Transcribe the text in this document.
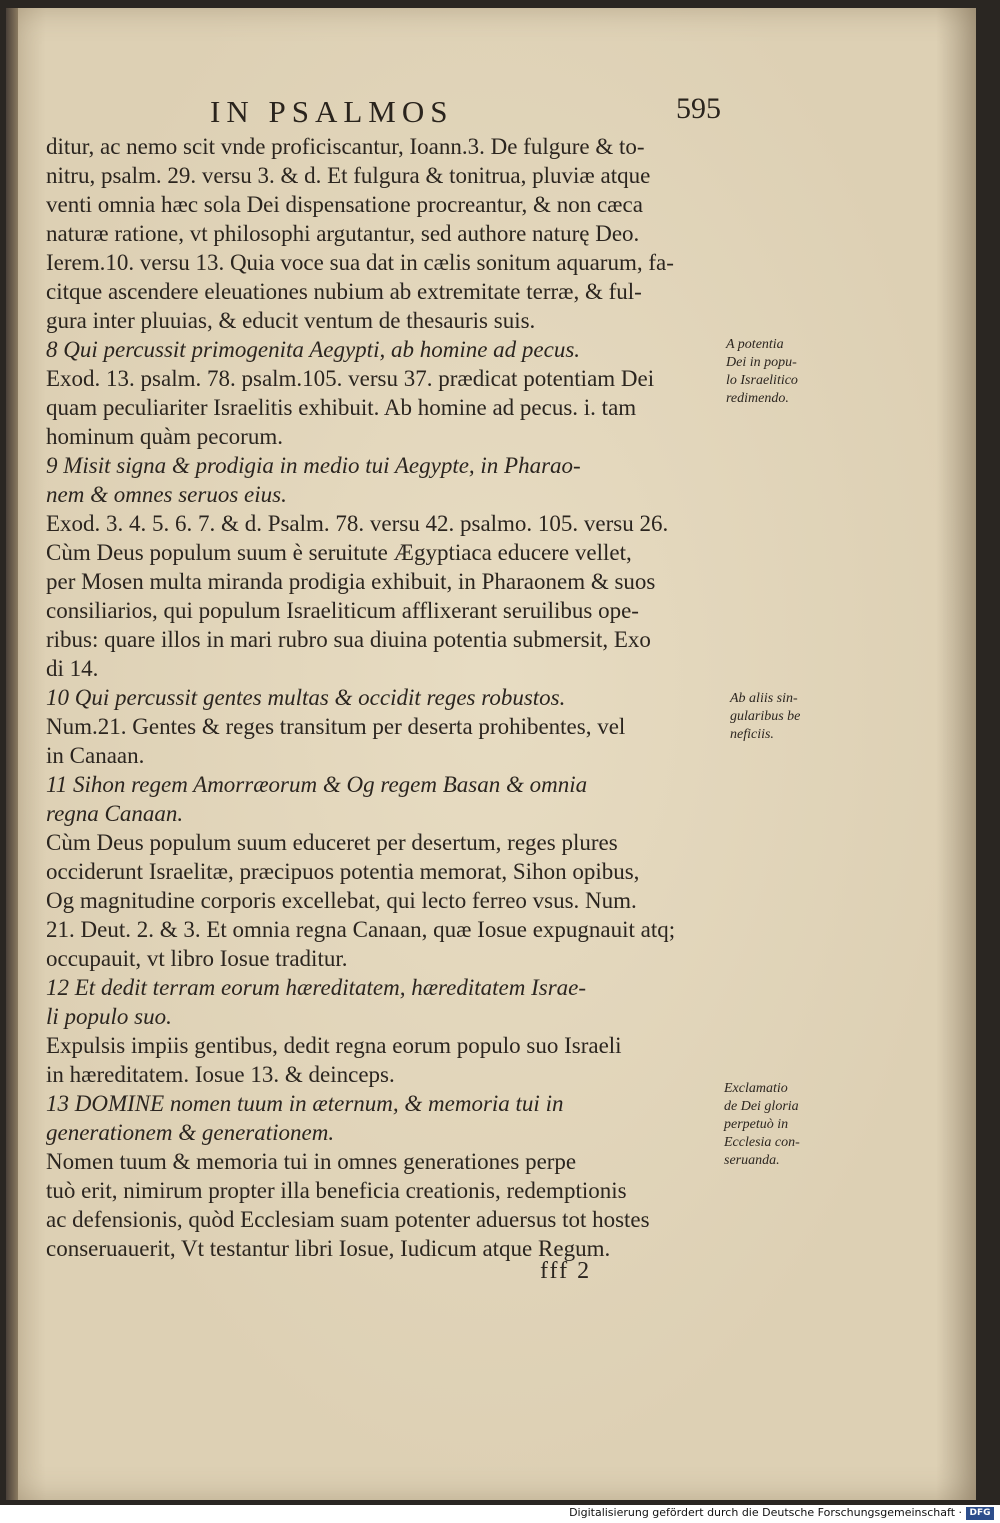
IN PSALMOS	595
ditur, ac nemo scit vnde proficiscantur, Ioann.3. De fulgure & to-
nitru, psalm. 29. versu 3. & d. Et fulgura & tonitrua, pluviæ atque
venti omnia hæc sola Dei dispensatione procreantur, & non cæca
naturæ ratione, vt philosophi argutantur, sed authore naturę Deo.
Ierem.10. versu 13. Quia voce sua dat in cælis sonitum aquarum, fa-
citque ascendere eleuationes nubium ab extremitate terræ, & ful-
gura inter pluuias, & educit ventum de thesauris suis.
8 Qui percussit primogenita Aegypti, ab homine ad pecus.
Exod. 13. psalm. 78. psalm.105. versu 37. prædicat potentiam Dei
quam peculiariter Israelitis exhibuit. Ab homine ad pecus. i. tam
hominum quàm pecorum.
9 Misit signa & prodigia in medio tui Aegypte, in Pharao-
nem & omnes seruos eius.
Exod. 3. 4. 5. 6. 7. & d. Psalm. 78. versu 42. psalmo. 105. versu 26.
Cùm Deus populum suum è seruitute Ægyptiaca educere vellet,
per Mosen multa miranda prodigia exhibuit, in Pharaonem & suos
consiliarios, qui populum Israeliticum afflixerant seruilibus ope-
ribus: quare illos in mari rubro sua diuina potentia submersit, Exo
di 14.
10 Qui percussit gentes multas & occidit reges robustos.
Num.21. Gentes & reges transitum per deserta prohibentes, vel
in Canaan.
11 Sihon regem Amorræorum & Og regem Basan & omnia
regna Canaan.
Cùm Deus populum suum educeret per desertum, reges plures
occiderunt Israelitæ, præcipuos potentia memorat, Sihon opibus,
Og magnitudine corporis excellebat, qui lecto ferreo vsus. Num.
21. Deut. 2. & 3. Et omnia regna Canaan, quæ Iosue expugnauit atq;
occupauit, vt libro Iosue traditur.
12 Et dedit terram eorum hæreditatem, hæreditatem Israe-
li populo suo.
Expulsis impiis gentibus, dedit regna eorum populo suo Israeli
in hæreditatem. Iosue 13. & deinceps.
13 DOMINE nomen tuum in æternum, & memoria tui in
generationem & generationem.
Nomen tuum & memoria tui in omnes generationes perpe
tuò erit, nimirum propter illa beneficia creationis, redemptionis
ac defensionis, quòd Ecclesiam suam potenter aduersus tot hostes
conseruauerit, Vt testantur libri Iosue, Iudicum atque Regum.
A potentia
Dei in popu-
lo Israelitico
redimendo.
Ab aliis sin-
gularibus be
neficiis.
Exclamatio
de Dei gloria
perpetuò in
Ecclesia con-
seruanda.
fff 2
Digitalisierung gefördert durch die Deutsche Forschungsgemeinschaft · DFG
